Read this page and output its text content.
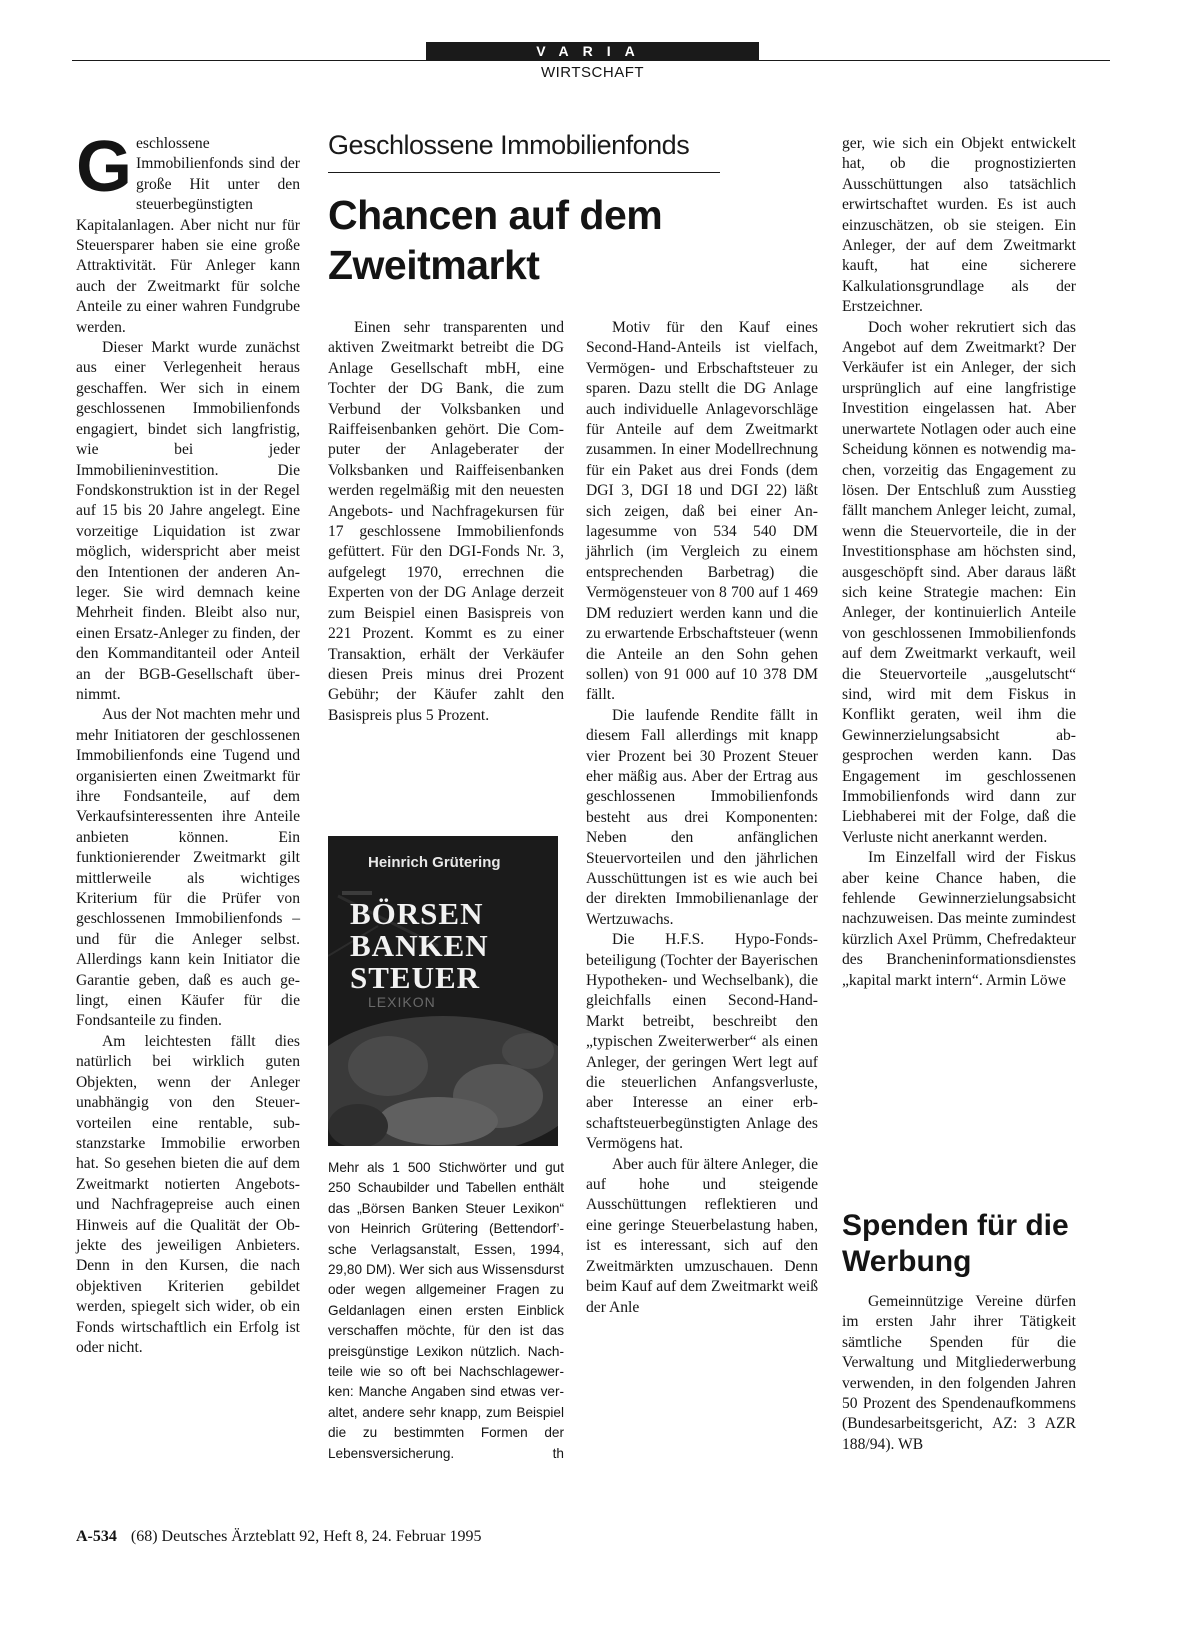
VARIA
WIRTSCHAFT
G eschlossene Immobilienfonds sind der große Hit unter den steuerbegünstigten Kapitalanlagen. Aber nicht nur für Steuersparer haben sie eine große Attraktivität. Für Anleger kann auch der Zweitmarkt für solche Anteile zu einer wahren Fundgrube werden.

Dieser Markt wurde zunächst aus einer Verlegenheit heraus geschaffen. Wer sich in einem geschlossenen Immobilienfonds engagiert, bindet sich langfristig, wie bei jeder Immobilieninvestition. Die Fondskonstruktion ist in der Regel auf 15 bis 20 Jahre angelegt. Eine vorzeitige Liquidation ist zwar möglich, widerspricht aber meist den Intentionen der anderen Anleger. Sie wird demnach keine Mehrheit finden. Bleibt also nur, einen Ersatz-Anleger zu finden, der den Kommanditanteil oder Anteil an der BGB-Gesellschaft übernimmt.

Aus der Not machten mehr und mehr Initiatoren der geschlossenen Immobilienfonds eine Tugend und organisierten einen Zweitmarkt für ihre Fondsanteile, auf dem Verkaufsinteressenten ihre Anteile anbieten können. Ein funktionierender Zweitmarkt gilt mittlerweile als wichtiges Kriterium für die Prüfer von geschlossenen Immobilienfonds – und für die Anleger selbst. Allerdings kann kein Initiator die Garantie geben, daß es auch gelingt, einen Käufer für die Fondsanteile zu finden.

Am leichtesten fällt dies natürlich bei wirklich guten Objekten, wenn der Anleger unabhängig von den Steuervorteilen eine rentable, substanzstarke Immobilie erworben hat. So gesehen bieten die auf dem Zweitmarkt notierten Angebots- und Nachfragepreise auch einen Hinweis auf die Qualität der Objekte des jeweiligen Anbieters. Denn in den Kursen, die nach objektiven Kriterien gebildet werden, spiegelt sich wider, ob ein Fonds wirtschaftlich ein Erfolg ist oder nicht.

Geschlossene Immobilienfonds
Chancen auf dem Zweitmarkt

Einen sehr transparenten und aktiven Zweitmarkt betreibt die DG Anlage Gesellschaft mbH, eine Tochter der DG Bank, die zum Verbund der Volksbanken und Raiffeisenbanken gehört. Die Computer der Anlageberater der Volksbanken und Raiffeisenbanken werden regelmäßig mit den neuesten Angebots- und Nachfragekursen für 17 geschlossene Immobilienfonds gefüttert. Für den DGI-Fonds Nr. 3, aufgelegt 1970, errechnen die Experten von der DG Anlage derzeit zum Beispiel einen Basispreis von 221 Prozent. Kommt es zu einer Transaktion, erhält der Verkäufer diesen Preis minus drei Prozent Gebühr; der Käufer zahlt den Basispreis plus 5 Prozent.

Heinrich Grütering
BÖRSEN
BANKEN
STEUER
LEXIKON

Mehr als 1 500 Stichwörter und gut 250 Schaubilder und Tabellen enthält das „Börsen Banken Steuer Lexikon“ von Heinrich Grütering (Bettendorf’sche Verlagsanstalt, Essen, 1994, 29,80 DM). Wer sich aus Wissensdurst oder wegen allgemeiner Fragen zu Geldanlagen einen ersten Einblick verschaffen möchte, für den ist das preisgünstige Lexikon nützlich. Nachteile wie so oft bei Nachschlagewerken: Manche Angaben sind etwas veraltet, andere sehr knapp, zum Beispiel die zu bestimmten Formen der Lebensversicherung.	th

Motiv für den Kauf eines Second-Hand-Anteils ist vielfach, Vermögen- und Erbschaftsteuer zu sparen. Dazu stellt die DG Anlage auch individuelle Anlagevorschläge für Anteile auf dem Zweitmarkt zusammen. In einer Modellrechnung für ein Paket aus drei Fonds (dem DGI 3, DGI 18 und DGI 22) läßt sich zeigen, daß bei einer Anlagesumme von 534 540 DM jährlich (im Vergleich zu einem entsprechenden Barbetrag) die Vermögensteuer von 8 700 auf 1 469 DM reduziert werden kann und die zu erwartende Erbschaftsteuer (wenn die Anteile an den Sohn gehen sollen) von 91 000 auf 10 378 DM fällt.

Die laufende Rendite fällt in diesem Fall allerdings mit knapp vier Prozent bei 30 Prozent Steuer eher mäßig aus. Aber der Ertrag aus geschlossenen Immobilienfonds besteht aus drei Komponenten: Neben den anfänglichen Steuervorteilen und den jährlichen Ausschüttungen ist es wie auch bei der direkten Immobilienanlage der Wertzuwachs.

Die H.F.S. Hypo-Fondsbeteiligung (Tochter der Bayerischen Hypotheken- und Wechselbank), die gleichfalls einen Second-Hand-Markt betreibt, beschreibt den „typischen Zweiterwerber“ als einen Anleger, der geringen Wert legt auf die steuerlichen Anfangsverluste, aber Interesse an einer erbschaftsteuerbegünstigten Anlage des Vermögens hat.

Aber auch für ältere Anleger, die auf hohe und steigende Ausschüttungen reflektieren und eine geringe Steuerbelastung haben, ist es interessant, sich auf den Zweitmärkten umzuschauen. Denn beim Kauf auf dem Zweitmarkt weiß der Anle

ger, wie sich ein Objekt entwickelt hat, ob die prognostizierten Ausschüttungen also tatsächlich erwirtschaftet wurden. Es ist auch einzuschätzen, ob sie steigen. Ein Anleger, der auf dem Zweitmarkt kauft, hat eine sicherere Kalkulationsgrundlage als der Erstzeichner.

Doch woher rekrutiert sich das Angebot auf dem Zweitmarkt? Der Verkäufer ist ein Anleger, der sich ursprünglich auf eine langfristige Investition eingelassen hat. Aber unerwartete Notlagen oder auch eine Scheidung können es notwendig machen, vorzeitig das Engagement zu lösen. Der Entschluß zum Ausstieg fällt manchem Anleger leicht, zumal, wenn die Steuervorteile, die in der Investitionsphase am höchsten sind, ausgeschöpft sind. Aber daraus läßt sich keine Strategie machen: Ein Anleger, der kontinuierlich Anteile von geschlossenen Immobilienfonds auf dem Zweitmarkt verkauft, weil die Steuervorteile „ausgelutscht“ sind, wird mit dem Fiskus in Konflikt geraten, weil ihm die Gewinnerzielungsabsicht abgesprochen werden kann. Das Engagement im geschlossenen Immobilienfonds wird dann zur Liebhaberei mit der Folge, daß die Verluste nicht anerkannt werden.

Im Einzelfall wird der Fiskus aber keine Chance haben, die fehlende Gewinnerzielungsabsicht nachzuweisen. Das meinte zumindest kürzlich Axel Prümm, Chefredakteur des Brancheninformationsdienstes „kapital markt intern“. Armin Löwe

Spenden für die Werbung

Gemeinnützige Vereine dürfen im ersten Jahr ihrer Tätigkeit sämtliche Spenden für die Verwaltung und Mitgliederwerbung verwenden, in den folgenden Jahren 50 Prozent des Spendenaufkommens (Bundesarbeitsgericht, AZ: 3 AZR 188/94). WB

A-534 (68) Deutsches Ärzteblatt 92, Heft 8, 24. Februar 1995
